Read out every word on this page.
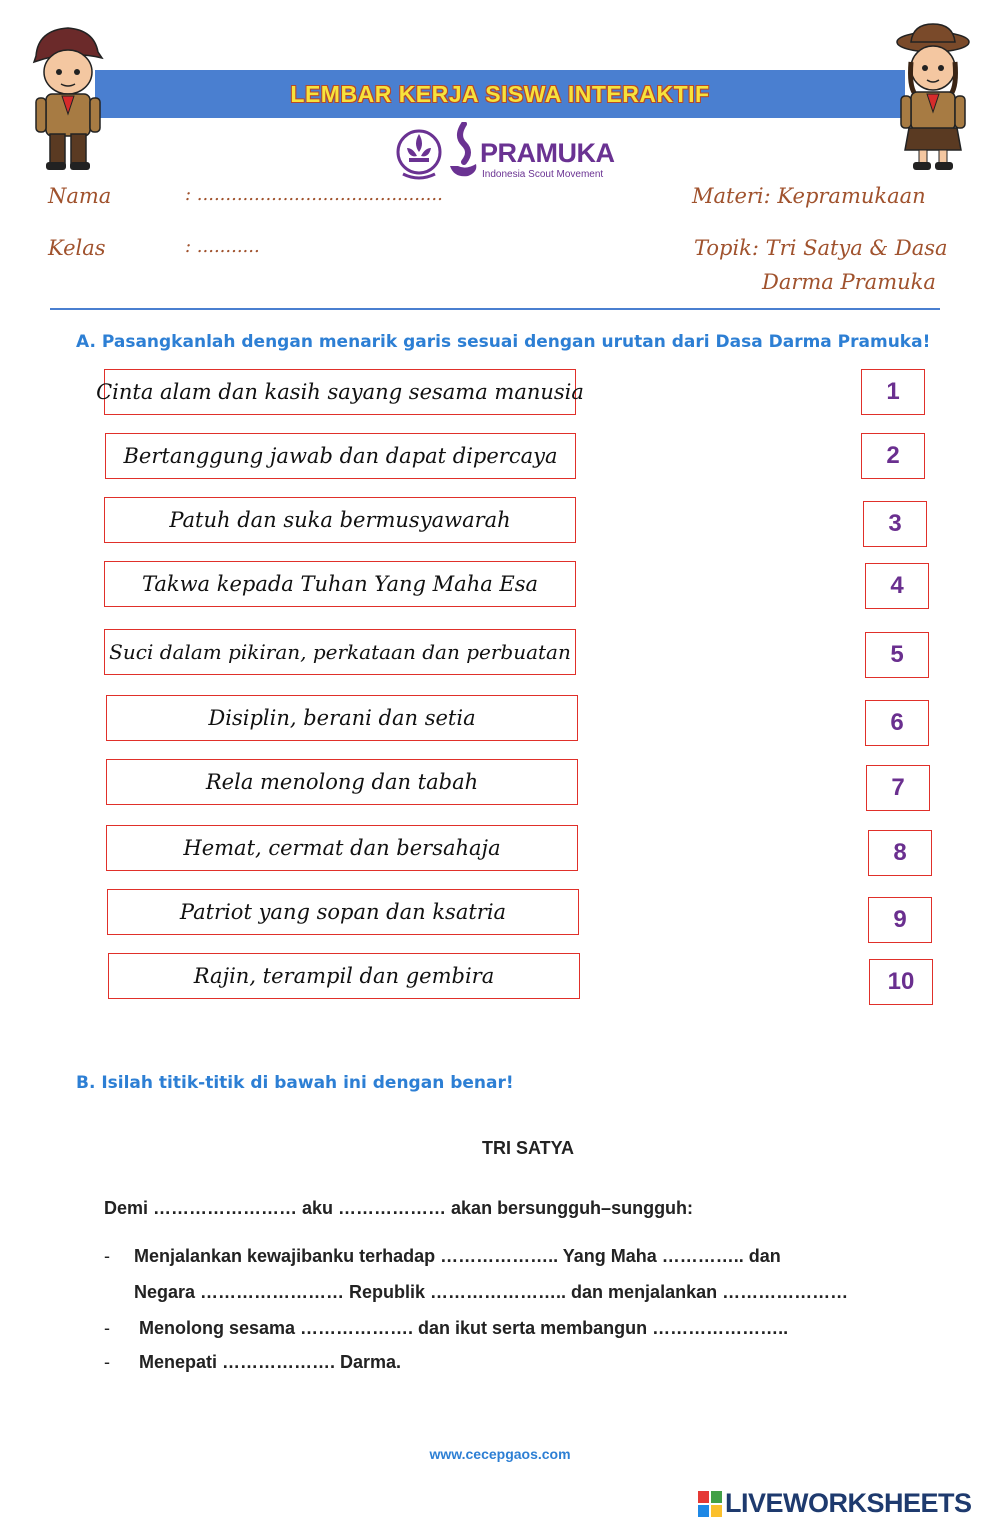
LEMBAR KERJA SISWA INTERAKTIF
PRAMUKA
Indonesia Scout Movement
Nama	: ...........................................
Kelas	: ...........
Materi: Kepramukaan
Topik: Tri Satya & Dasa
Darma Pramuka
A. Pasangkanlah dengan menarik garis sesuai dengan urutan dari Dasa Darma Pramuka!
Cinta alam dan kasih sayang sesama manusia
Bertanggung jawab dan dapat dipercaya
Patuh dan suka bermusyawarah
Takwa kepada Tuhan Yang Maha Esa
Suci dalam pikiran, perkataan dan perbuatan
Disiplin, berani dan setia
Rela menolong dan tabah
Hemat, cermat dan bersahaja
Patriot yang sopan dan ksatria
Rajin, terampil dan gembira
1
2
3
4
5
6
7
8
9
10
B. Isilah titik-titik di bawah ini dengan benar!
TRI SATYA
Demi …………………… aku ……………… akan bersungguh–sungguh:
- Menjalankan kewajibanku terhadap ……………….. Yang Maha ………….. dan
Negara …………………… Republik ………………….. dan menjalankan …………………
- Menolong sesama ………………. dan ikut serta membangun …………………..
- Menepati ………………. Darma.
www.cecepgaos.com
LIVEWORKSHEETS
